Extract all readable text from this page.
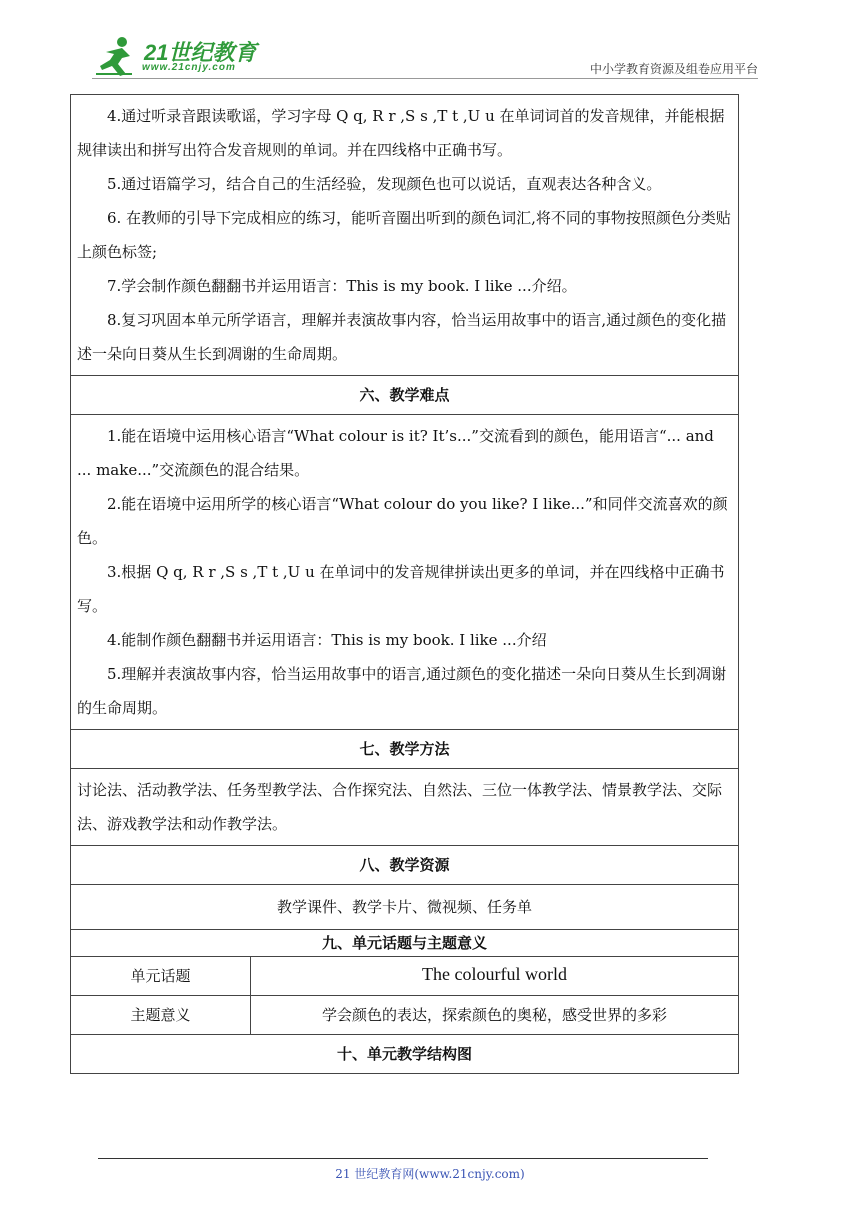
21世纪教育
www.21cnjy.com	中小学教育资源及组卷应用平台

4.通过听录音跟读歌谣，学习字母 Q q, R r ,S s ,T t ,U u 在单词词首的发音规律，并能根据规律读出和拼写出符合发音规则的单词。并在四线格中正确书写。

5.通过语篇学习，结合自己的生活经验，发现颜色也可以说话，直观表达各种含义。

6. 在教师的引导下完成相应的练习，能听音圈出听到的颜色词汇,将不同的事物按照颜色分类贴上颜色标签;

7.学会制作颜色翻翻书并运用语言：This is my book. I like ...介绍。

8.复习巩固本单元所学语言，理解并表演故事内容，恰当运用故事中的语言,通过颜色的变化描述一朵向日葵从生长到凋谢的生命周期。	

六、教学难点	

1.能在语境中运用核心语言“What colour is it? It’s...”交流看到的颜色，能用语言“... and ... make...”交流颜色的混合结果。

2.能在语境中运用所学的核心语言“What colour do you like? I like...”和同伴交流喜欢的颜色。

3.根据 Q q, R r ,S s ,T t ,U u 在单词中的发音规律拼读出更多的单词，并在四线格中正确书写。

4.能制作颜色翻翻书并运用语言：This is my book. I like ...介绍

5.理解并表演故事内容，恰当运用故事中的语言,通过颜色的变化描述一朵向日葵从生长到凋谢的生命周期。	

七、教学方法	

讨论法、活动教学法、任务型教学法、合作探究法、自然法、三位一体教学法、情景教学法、交际法、游戏教学法和动作教学法。	

八、教学资源	
教学课件、教学卡片、微视频、任务单	
九、单元话题与主题意义	
单元话题	The colourful world
主题意义	学会颜色的表达，探索颜色的奥秘，感受世界的多彩
十、单元教学结构图	
21 世纪教育网(www.21cnjy.com)
